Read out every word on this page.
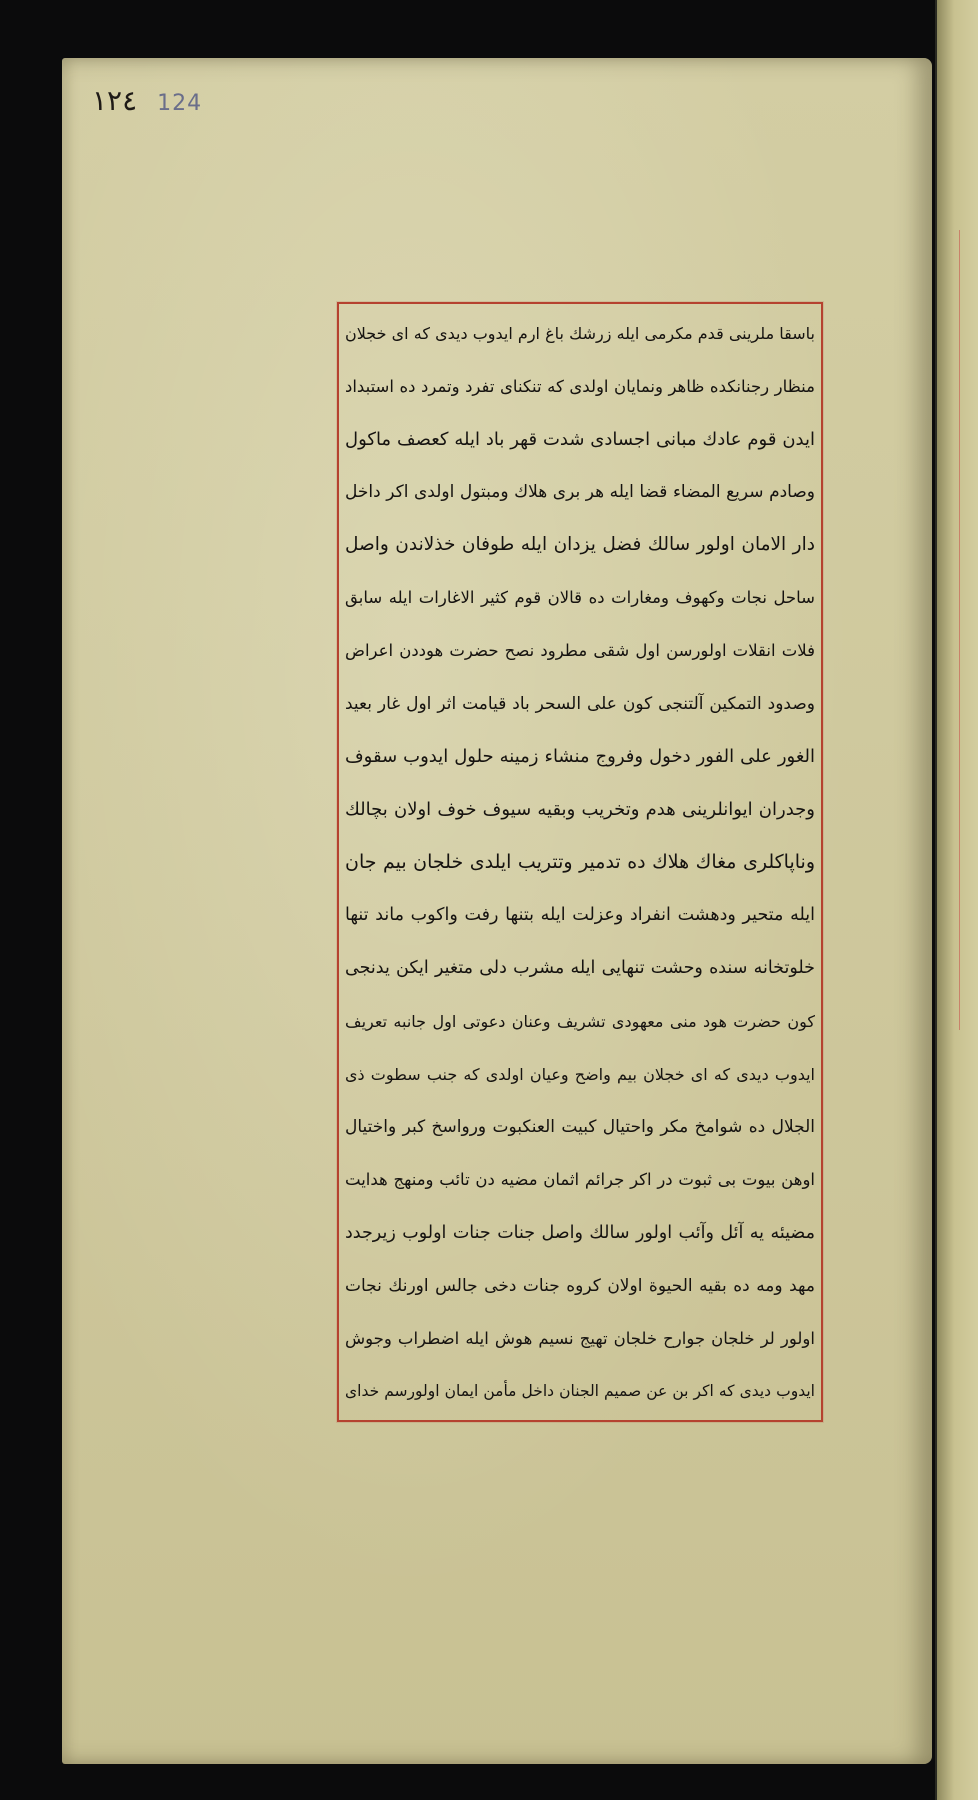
١٢٤ 124
باسقا ملرینی قدم مکرمی ایله زرشك باغ ارم ایدوب دیدی که ای خجلان
منظار رجنانکده ظاهر ونمایان اولدی که تنکنای تفرد وتمرد ده استبداد
ایدن قوم عادك مبانی اجسادی شدت قهر باد ایله کعصف ماکول
وصادم سریع المضاء قضا ایله هر بری هلاك ومبتول اولدی اکر داخل
دار الامان اولور سالك فضل یزدان ایله طوفان خذلاندن واصل
ساحل نجات وکهوف ومغارات ده قالان قوم کثیر الاغارات ایله سابق
فلات انقلات اولورسن اول شقی مطرود نصح حضرت هوددن اعراض
وصدود التمکین آلتنجی کون علی السحر باد قیامت اثر اول غار بعید
الغور علی الفور دخول وفروج منشاء زمینه حلول ایدوب سقوف
وجدران ایوانلرینی هدم وتخریب وبقیه سیوف خوف اولان بچالك
وناپاکلری مغاك هلاك ده تدمیر وتتریب ایلدی خلجان بیم جان
ایله متحیر ودهشت انفراد وعزلت ایله بتنها رفت واکوب ماند تنها
خلوتخانه سنده وحشت تنهایی ایله مشرب دلی متغیر ایکن یدنجی
کون حضرت هود منی معهودی تشریف وعنان دعوتی اول جانبه تعریف
ایدوب دیدی که ای خجلان بیم واضح وعیان اولدی که جنب سطوت ذی
الجلال ده شوامخ مکر واحتیال کبیت العنکبوت ورواسخ کبر واختیال
اوهن بیوت بی ثبوت در اکر جرائم اثمان مضیه دن تائب ومنهج هدایت
مضیئه یه آئل وآئب اولور سالك واصل جنات جنات اولوب زیرجدد
مهد ومه ده بقیه الحیوة اولان کروه جنات دخی جالس اورنك نجات
اولور لر خلجان جوارح خلجان تهیج نسیم هوش ایله اضطراب وجوش
ایدوب دیدی که اکر بن عن صمیم الجنان داخل مأمن ایمان اولورسم خدای
